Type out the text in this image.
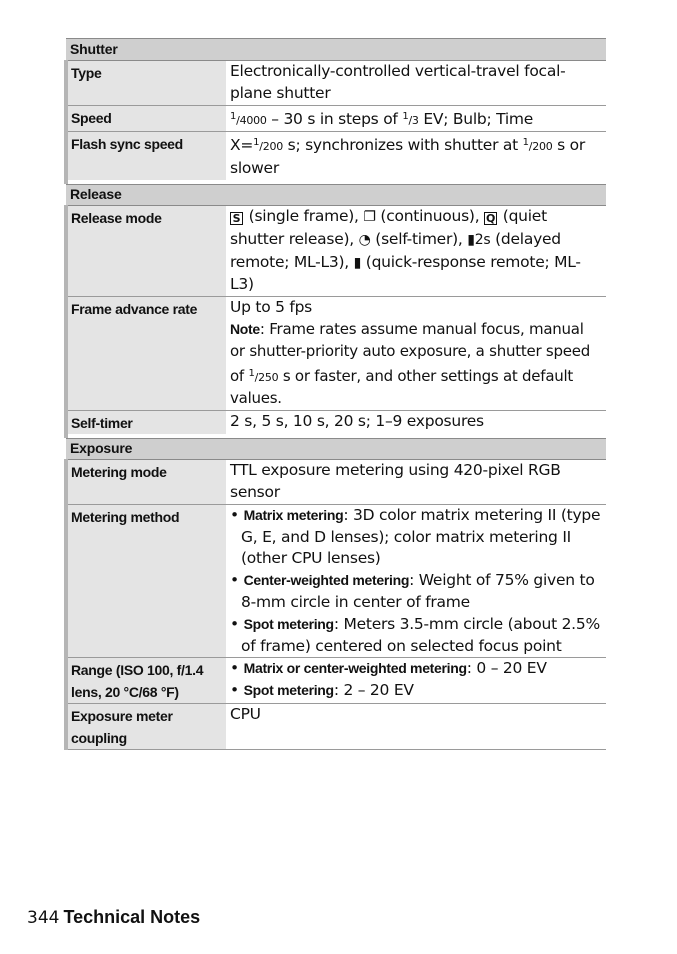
Shutter	
Type	Electronically-controlled vertical-travel focal-plane shutter
Speed	$^1$/4000 – 30 s in steps of $^1$/3 EV; Bulb; Time
Flash sync speed	X=$^1$/200 s; synchronizes with shutter at $^1$/200 s or slower
Release	
Release mode	S (single frame), ❐ (continuous), Q (quiet shutter release), ◔ (self-timer), ▮2s (delayed remote; ML-L3), ▮ (quick-response remote; ML-L3)
Frame advance rate	Up to 5 fps
Note: Frame rates assume manual focus, manual or shutter-priority auto exposure, a shutter speed of $^1$/250 s or faster, and other settings at default values.

Self-timer	2 s, 5 s, 10 s, 20 s; 1–9 exposures
Exposure	
Metering mode	TTL exposure metering using 420-pixel RGB sensor
Metering method	• Matrix metering: 3D color matrix metering II (type G, E, and D lenses); color matrix metering II (other CPU lenses)
• Center-weighted metering: Weight of 75% given to 8-mm circle in center of frame
• Spot metering: Meters 3.5-mm circle (about 2.5% of frame) centered on selected focus point

Range (ISO 100, f/1.4 lens, 20 °C/68 °F)	• Matrix or center-weighted metering: 0 – 20 EV
• Spot metering: 2 – 20 EV

Exposure meter coupling	CPU
344 Technical Notes
